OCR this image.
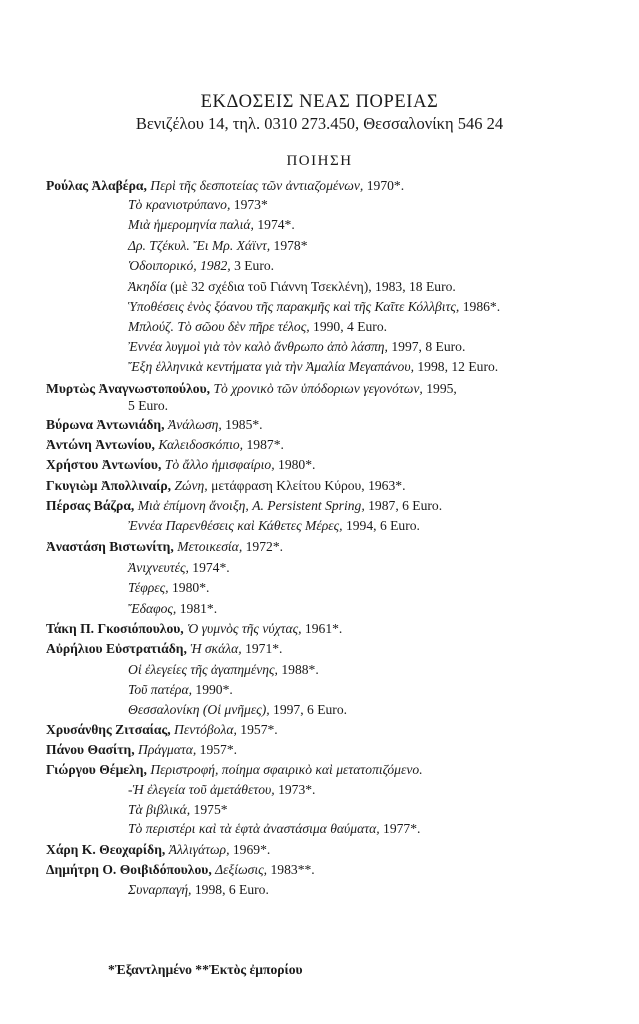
ΕΚΔΟΣΕΙΣ ΝΕΑΣ ΠΟΡΕΙΑΣ
Βενιζέλου 14, τηλ. 0310 273.450, Θεσσαλονίκη 546 24
ΠΟΙΗΣΗ
Ρούλας Ἀλαβέρα, Περὶ τῆς δεσποτείας τῶν ἀντιαζομένων, 1970*.
Τὸ κρανιοτρύπανο, 1973*
Μιὰ ἡμερομηνία παλιά, 1974*.
Δρ. Τζέκυλ. Ἔι Μρ. Χάϊντ, 1978*
Ὁδοιπορικό, 1982, 3 Euro.
Ἀκηδία (μὲ 32 σχέδια τοῦ Γιάννη Τσεκλένη), 1983, 18 Euro.
Ὑποθέσεις ἑνὸς ξόανου τῆς παρακμῆς καὶ τῆς Καῖτε Κόλλβιτς, 1986*.
Μπλούζ. Τὸ σῶου δὲν πῆρε τέλος, 1990, 4 Euro.
Ἐννέα λυγμοὶ γιὰ τὸν καλὸ ἄνθρωπο ἀπὸ λάσπη, 1997, 8 Euro.
Ἔξη ἑλληνικὰ κεντήματα γιὰ τὴν Ἀμαλία Μεγαπάνου, 1998, 12 Euro.
Μυρτὼς Ἀναγνωστοπούλου, Τὸ χρονικὸ τῶν ὑπόδοριων γεγονότων, 1995,
5 Euro.
Βύρωνα Ἀντωνιάδη, Ἀνάλωση, 1985*.
Ἀντώνη Ἀντωνίου, Καλειδοσκόπιο, 1987*.
Χρήστου Ἀντωνίου, Τὸ ἄλλο ἡμισφαίριο, 1980*.
Γκυγιὼμ Ἀπολλιναίρ, Ζώνη, μετάφραση Κλείτου Κύρου, 1963*.
Πέρσας Βάζρα, Μιὰ ἐπίμονη ἄνοιξη, A. Persistent Spring, 1987, 6 Euro.
Ἐννέα Παρενθέσεις καὶ Κάθετες Μέρες, 1994, 6 Euro.
Ἀναστάση Βιστωνίτη, Μετοικεσία, 1972*.
Ἀνιχνευτές, 1974*.
Τέφρες, 1980*.
Ἔδαφος, 1981*.
Τάκη Π. Γκοσιόπουλου, Ὁ γυμνὸς τῆς νύχτας, 1961*.
Αὐρήλιου Εὐστρατιάδη, Ἡ σκάλα, 1971*.
Οἱ ἐλεγείες τῆς ἀγαπημένης, 1988*.
Τοῦ πατέρα, 1990*.
Θεσσαλονίκη (Οἱ μνῆμες), 1997, 6 Euro.
Χρυσάνθης Ζιτσαίας, Πεντόβολα, 1957*.
Πάνου Θασίτη, Πράγματα, 1957*.
Γιώργου Θέμελη, Περιστροφή, ποίημα σφαιρικὸ καὶ μετατοπιζόμενο.
-Ἡ ἐλεγεία τοῦ ἀμετάθετου, 1973*.
Τὰ βιβλικά, 1975*
Τὸ περιστέρι καὶ τὰ ἑφτὰ ἀναστάσιμα θαύματα, 1977*.
Χάρη Κ. Θεοχαρίδη, Ἀλλιγάτωρ, 1969*.
Δημήτρη Ο. Θοιβιδόπουλου, Δεξίωσις, 1983**.
Συναρπαγή, 1998, 6 Euro.
*Ἐξαντλημένο **Ἐκτὸς ἐμπορίου
